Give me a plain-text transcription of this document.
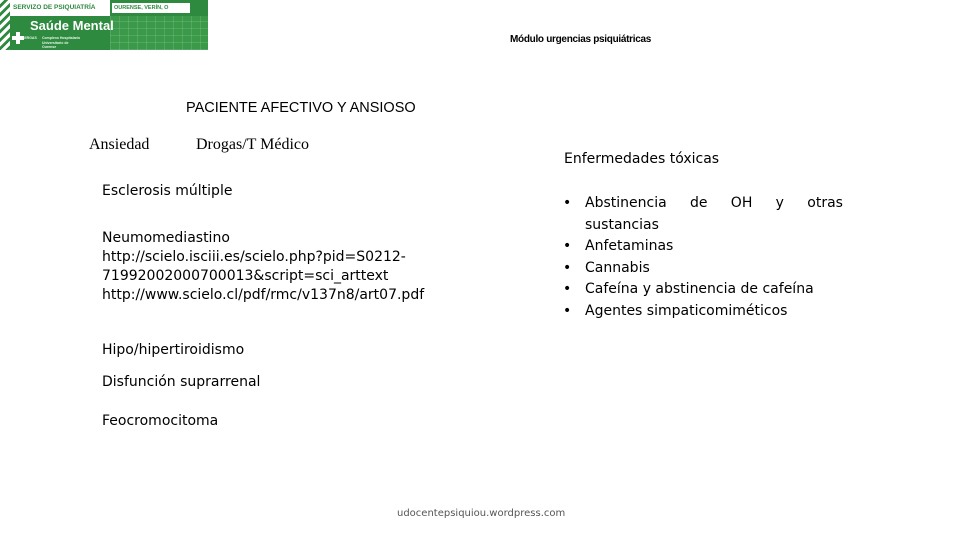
SERVIZO DE PSIQUIATRÍA	OURENSE, VERÍN, O
Saúde Mental
SERGAS Complexo Hospitalario Universitario de Ourense
Módulo urgencias psiquiátricas
PACIENTE AFECTIVO Y ANSIOSO
Ansiedad	Drogas/T Médico
Esclerosis múltiple
Neumomediastino
http://scielo.isciii.es/scielo.php?pid=S0212-
71992002000700013&script=sci_arttext
http://www.scielo.cl/pdf/rmc/v137n8/art07.pdf
Hipo/hipertiroidismo
Disfunción suprarrenal
Feocromocitoma
Enfermedades tóxicas
• Abstinencia de OH y otras
sustancias
• Anfetaminas
• Cannabis
• Cafeína y abstinencia de cafeína
• Agentes simpaticomiméticos
udocentepsiquiou.wordpress.com
